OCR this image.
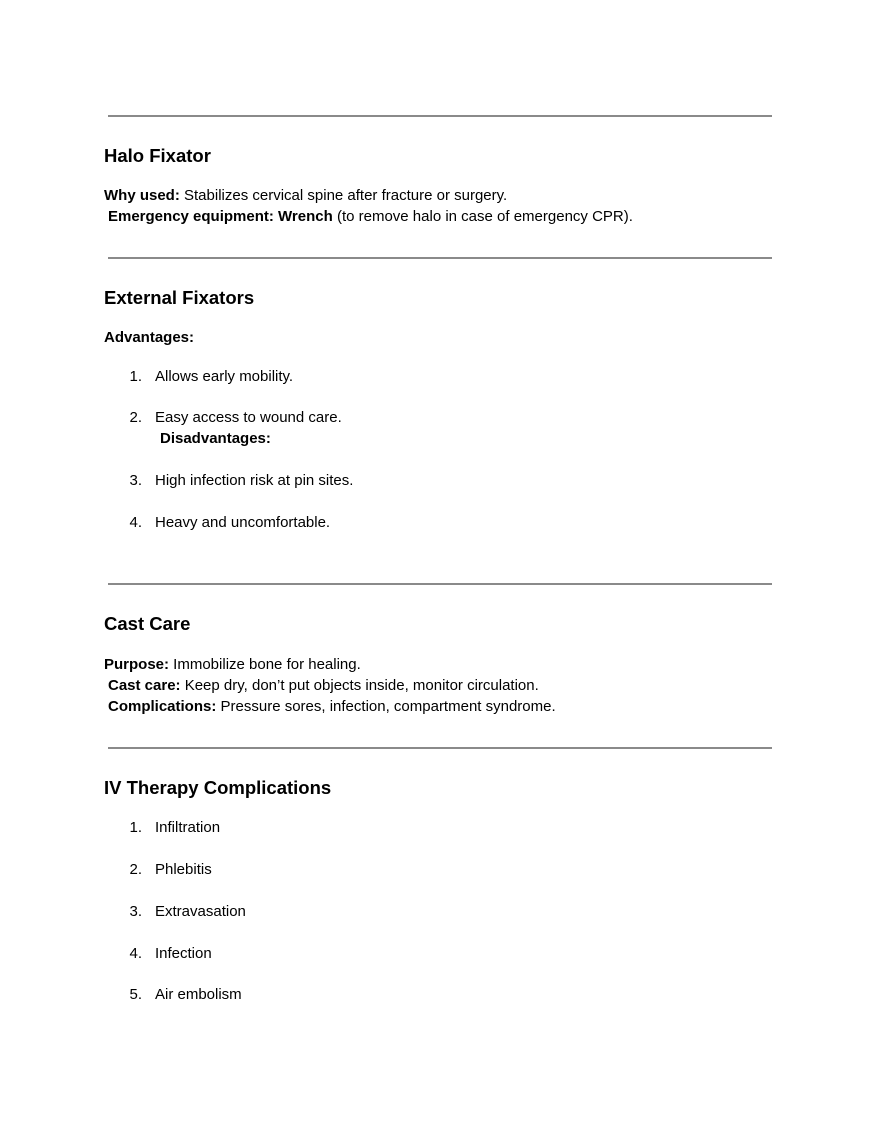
Halo Fixator
Why used: Stabilizes cervical spine after fracture or surgery.
Emergency equipment: Wrench (to remove halo in case of emergency CPR).
External Fixators
Advantages:
1. Allows early mobility.
2. Easy access to wound care.
Disadvantages:
3. High infection risk at pin sites.
4. Heavy and uncomfortable.
Cast Care
Purpose: Immobilize bone for healing.
Cast care: Keep dry, don’t put objects inside, monitor circulation.
Complications: Pressure sores, infection, compartment syndrome.
IV Therapy Complications
1. Infiltration
2. Phlebitis
3. Extravasation
4. Infection
5. Air embolism
